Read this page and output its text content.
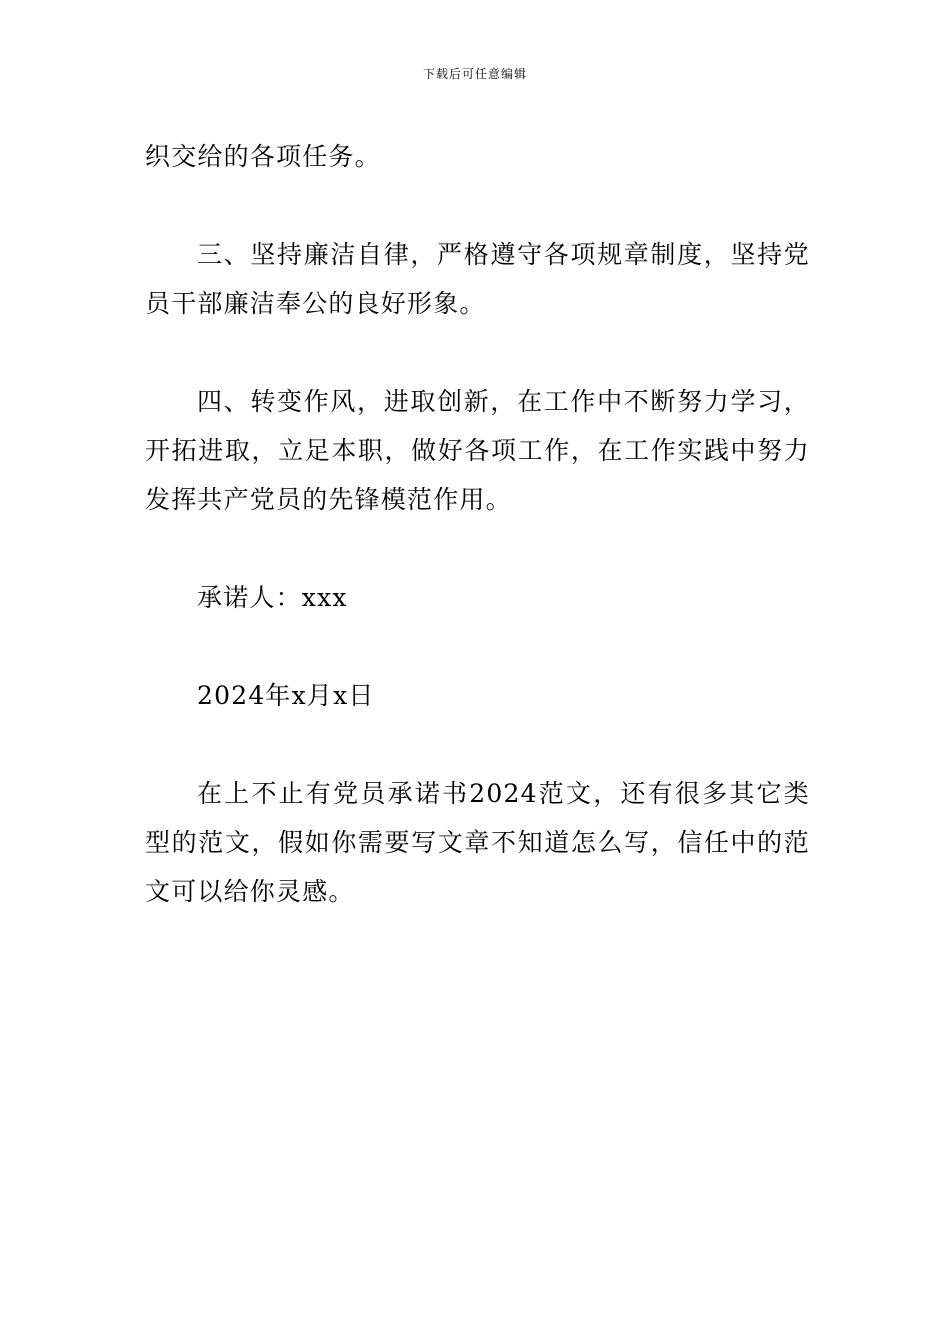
下载后可任意编辑

织交给的各项任务。

三、坚持廉洁自律，严格遵守各项规章制度，坚持党员干部廉洁奉公的良好形象。

四、转变作风，进取创新，在工作中不断努力学习，开拓进取，立足本职，做好各项工作，在工作实践中努力发挥共产党员的先锋模范作用。

承诺人：xxx

2024年x月x日

在上不止有党员承诺书2024范文，还有很多其它类型的范文，假如你需要写文章不知道怎么写，信任中的范文可以给你灵感。
